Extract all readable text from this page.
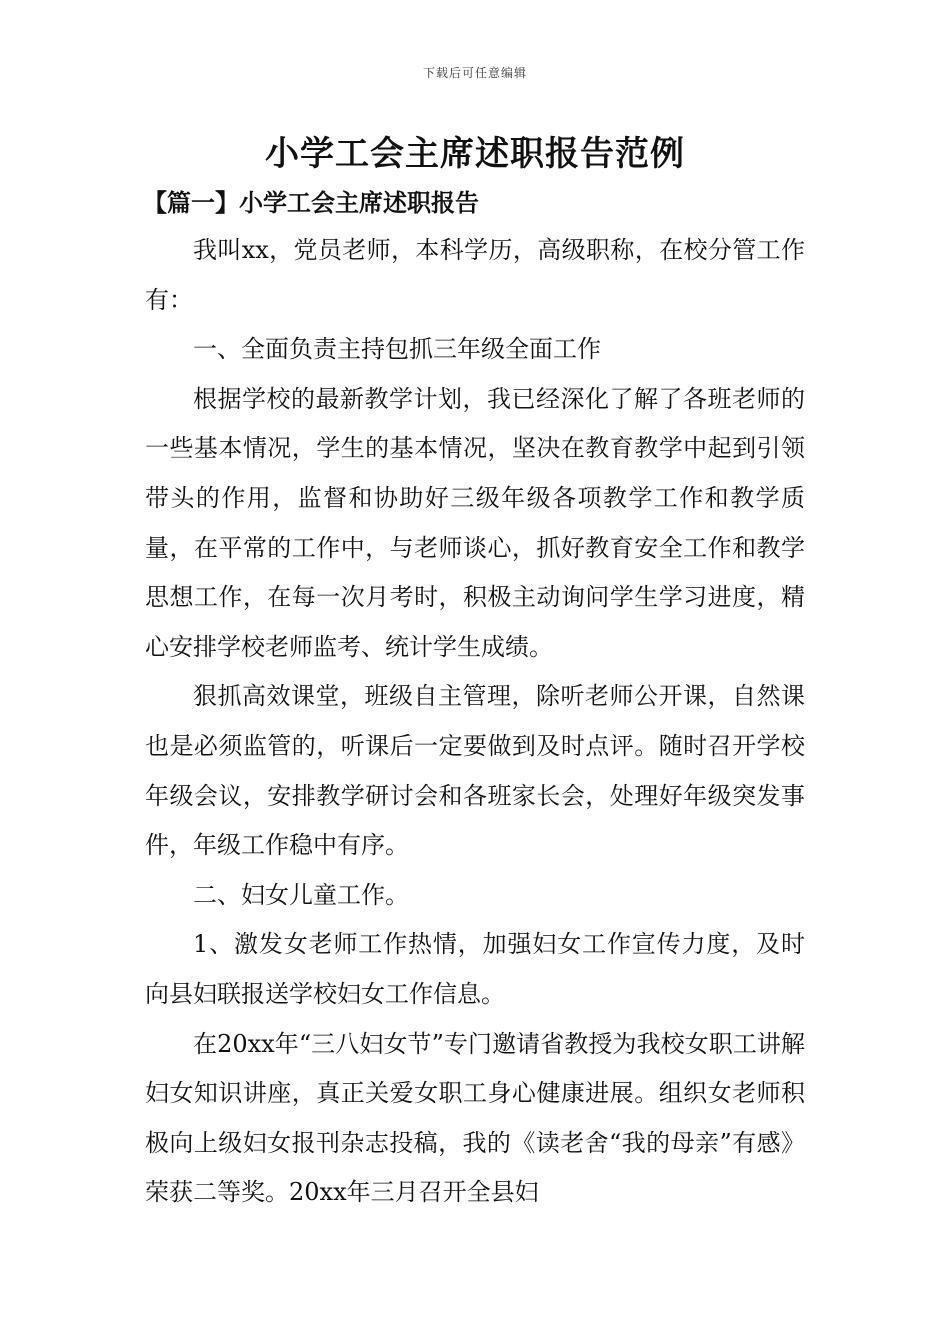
下载后可任意编辑
小学工会主席述职报告范例
【篇一】小学工会主席述职报告

我叫xx，党员老师，本科学历，高级职称，在校分管工作有：

一、全面负责主持包抓三年级全面工作

根据学校的最新教学计划，我已经深化了解了各班老师的一些基本情况，学生的基本情况，坚决在教育教学中起到引领带头的作用，监督和协助好三级年级各项教学工作和教学质量，在平常的工作中，与老师谈心，抓好教育安全工作和教学思想工作，在每一次月考时，积极主动询问学生学习进度，精心安排学校老师监考、统计学生成绩。

狠抓高效课堂，班级自主管理，除听老师公开课，自然课也是必须监管的，听课后一定要做到及时点评。随时召开学校年级会议，安排教学研讨会和各班家长会，处理好年级突发事件，年级工作稳中有序。

二、妇女儿童工作。

1、激发女老师工作热情，加强妇女工作宣传力度，及时向县妇联报送学校妇女工作信息。

在20xx年“三八妇女节”专门邀请省教授为我校女职工讲解妇女知识讲座，真正关爱女职工身心健康进展。组织女老师积极向上级妇女报刊杂志投稿，我的《读老舍“我的母亲”有感》荣获二等奖。20xx年三月召开全县妇
